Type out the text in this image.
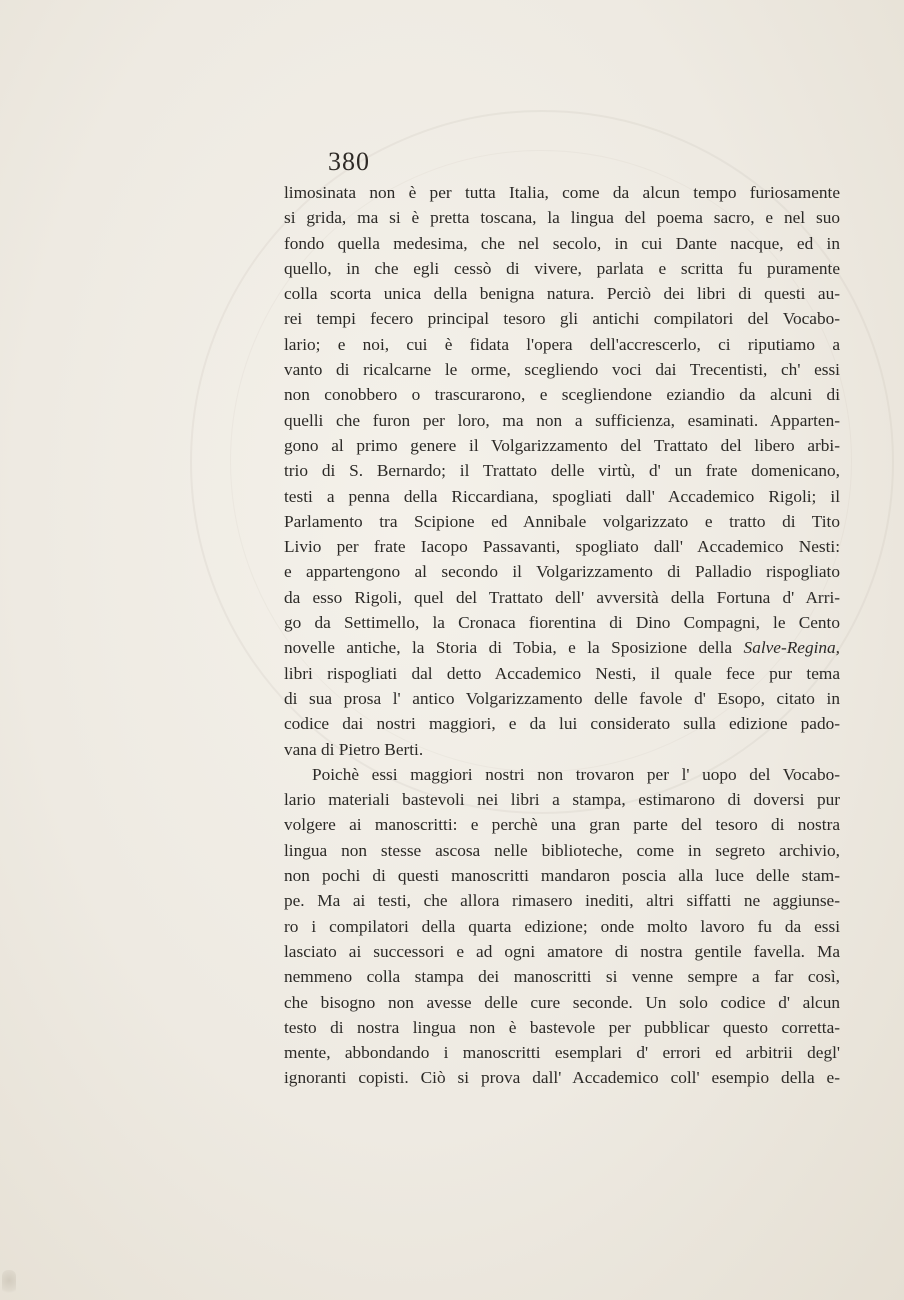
380
limosinata non è per tutta Italia, come da alcun tempo furiosamente
si grida, ma si è pretta toscana, la lingua del poema sacro, e nel suo
fondo quella medesima, che nel secolo, in cui Dante nacque, ed in
quello, in che egli cessò di vivere, parlata e scritta fu puramente
colla scorta unica della benigna natura. Perciò dei libri di questi au-
rei tempi fecero principal tesoro gli antichi compilatori del Vocabo-
lario; e noi, cui è fidata l'opera dell'accrescerlo, ci riputiamo a
vanto di ricalcarne le orme, scegliendo voci dai Trecentisti, ch' essi
non conobbero o trascurarono, e scegliendone eziandio da alcuni di
quelli che furon per loro, ma non a sufficienza, esaminati. Apparten-
gono al primo genere il Volgarizzamento del Trattato del libero arbi-
trio di S. Bernardo; il Trattato delle virtù, d' un frate domenicano,
testi a penna della Riccardiana, spogliati dall' Accademico Rigoli; il
Parlamento tra Scipione ed Annibale volgarizzato e tratto di Tito
Livio per frate Iacopo Passavanti, spogliato dall' Accademico Nesti:
e appartengono al secondo il Volgarizzamento di Palladio rispogliato
da esso Rigoli, quel del Trattato dell' avversità della Fortuna d' Arri-
go da Settimello, la Cronaca fiorentina di Dino Compagni, le Cento
novelle antiche, la Storia di Tobia, e la Sposizione della Salve-Regina,
libri rispogliati dal detto Accademico Nesti, il quale fece pur tema
di sua prosa l' antico Volgarizzamento delle favole d' Esopo, citato in
codice dai nostri maggiori, e da lui considerato sulla edizione pado-
vana di Pietro Berti.
Poichè essi maggiori nostri non trovaron per l' uopo del Vocabo-
lario materiali bastevoli nei libri a stampa, estimarono di doversi pur
volgere ai manoscritti: e perchè una gran parte del tesoro di nostra
lingua non stesse ascosa nelle biblioteche, come in segreto archivio,
non pochi di questi manoscritti mandaron poscia alla luce delle stam-
pe. Ma ai testi, che allora rimasero inediti, altri siffatti ne aggiunse-
ro i compilatori della quarta edizione; onde molto lavoro fu da essi
lasciato ai successori e ad ogni amatore di nostra gentile favella. Ma
nemmeno colla stampa dei manoscritti si venne sempre a far così,
che bisogno non avesse delle cure seconde. Un solo codice d' alcun
testo di nostra lingua non è bastevole per pubblicar questo corretta-
mente, abbondando i manoscritti esemplari d' errori ed arbitrii degl'
ignoranti copisti. Ciò si prova dall' Accademico coll' esempio della e-
